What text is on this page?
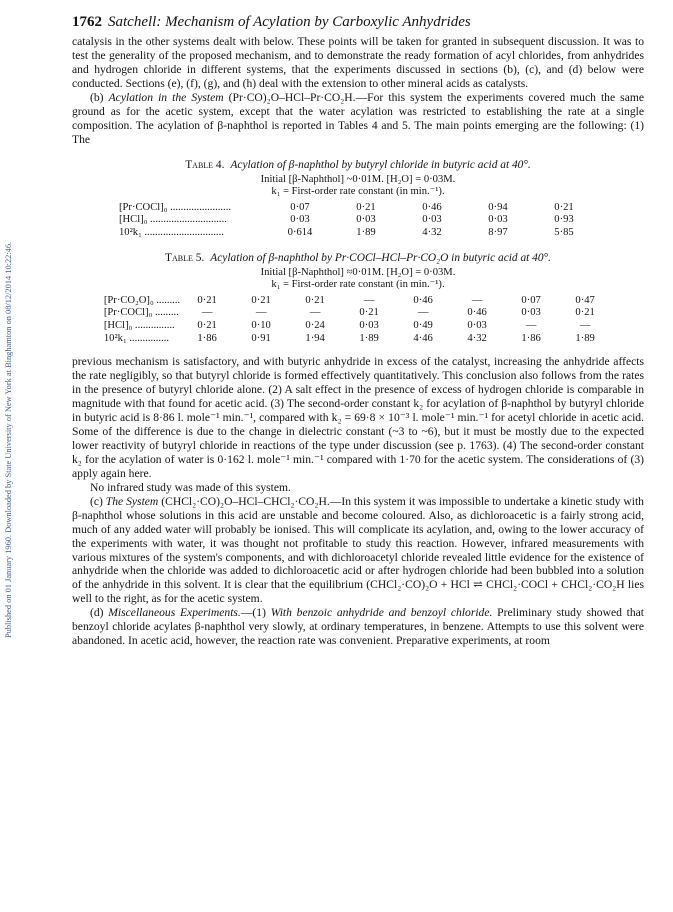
Published on 01 January 1960. Downloaded by State University of New York at Binghamton on 08/12/2014 10:22:46.
1762 Satchell: Mechanism of Acylation by Carboxylic Anhydrides

catalysis in the other systems dealt with below. These points will be taken for granted in subsequent discussion. It was to test the generality of the proposed mechanism, and to demonstrate the ready formation of acyl chlorides, from anhydrides and hydrogen chloride in different systems, that the experiments discussed in sections (b), (c), and (d) below were conducted. Sections (e), (f), (g), and (h) deal with the extension to other mineral acids as catalysts.

(b) Acylation in the System (Pr·CO)₂O–HCl–Pr·CO₂H.—For this system the experiments covered much the same ground as for the acetic system, except that the water acylation was restricted to establishing the rate at a single composition. The acylation of β-naphthol is reported in Tables 4 and 5. The main points emerging are the following: (1) The

Table 4. Acylation of β-naphthol by butyryl chloride in butyric acid at 40°.
Initial [β-Naphthol] ~0·01M. [H₂O] = 0·03M.
k₁ = First-order rate constant (in min.⁻¹).
[Pr·COCl]₀ .......................	0·07	0·21	0·46	0·94	0·21
[HCl]₀ .............................	0·03	0·03	0·03	0·03	0·93
10²k₁ ..............................	0·614	1·89	4·32	8·97	5·85
Table 5. Acylation of β-naphthol by Pr·COCl–HCl–Pr·CO₂O in butyric acid at 40°.
Initial [β-Naphthol] ≈0·01M. [H₂O] = 0·03M.
k₁ = First-order rate constant (in min.⁻¹).
[Pr·CO₂O]₀ .........	0·21	0·21	0·21	—	0·46	—	0·07	0·47
[Pr·COCl]₀ .........	—	—	—	0·21	—	0·46	0·03	0·21
[HCl]₀ ...............	0·21	0·10	0·24	0·03	0·49	0·03	—	—
10²k₁ ...............	1·86	0·91	1·94	1·89	4·46	4·32	1·86	1·89

previous mechanism is satisfactory, and with butyric anhydride in excess of the catalyst, increasing the anhydride affects the rate negligibly, so that butyryl chloride is formed effectively quantitatively. This conclusion also follows from the rates in the presence of butyryl chloride alone. (2) A salt effect in the presence of excess of hydrogen chloride is comparable in magnitude with that found for acetic acid. (3) The second-order constant k₂ for acylation of β-naphthol by butyryl chloride in butyric acid is 8·86 l. mole⁻¹ min.⁻¹, compared with k₂ = 69·8 × 10⁻³ l. mole⁻¹ min.⁻¹ for acetyl chloride in acetic acid. Some of the difference is due to the change in dielectric constant (~3 to ~6), but it must be mostly due to the expected lower reactivity of butyryl chloride in reactions of the type under discussion (see p. 1763). (4) The second-order constant k₂ for the acylation of water is 0·162 l. mole⁻¹ min.⁻¹ compared with 1·70 for the acetic system. The considerations of (3) apply again here.

No infrared study was made of this system.

(c) The System (CHCl₂·CO)₂O–HCl–CHCl₂·CO₂H.—In this system it was impossible to undertake a kinetic study with β-naphthol whose solutions in this acid are unstable and become coloured. Also, as dichloroacetic is a fairly strong acid, much of any added water will probably be ionised. This will complicate its acylation, and, owing to the lower accuracy of the experiments with water, it was thought not profitable to study this reaction. However, infrared measurements with various mixtures of the system's components, and with dichloroacetyl chloride revealed little evidence for the existence of anhydride when the chloride was added to dichloroacetic acid or after hydrogen chloride had been bubbled into a solution of the anhydride in this solvent. It is clear that the equilibrium (CHCl₂·CO)₂O + HCl ⇌ CHCl₂·COCl + CHCl₂·CO₂H lies well to the right, as for the acetic system.

(d) Miscellaneous Experiments.—(1) With benzoic anhydride and benzoyl chloride. Preliminary study showed that benzoyl chloride acylates β-naphthol very slowly, at ordinary temperatures, in benzene. Attempts to use this solvent were abandoned. In acetic acid, however, the reaction rate was convenient. Preparative experiments, at room
